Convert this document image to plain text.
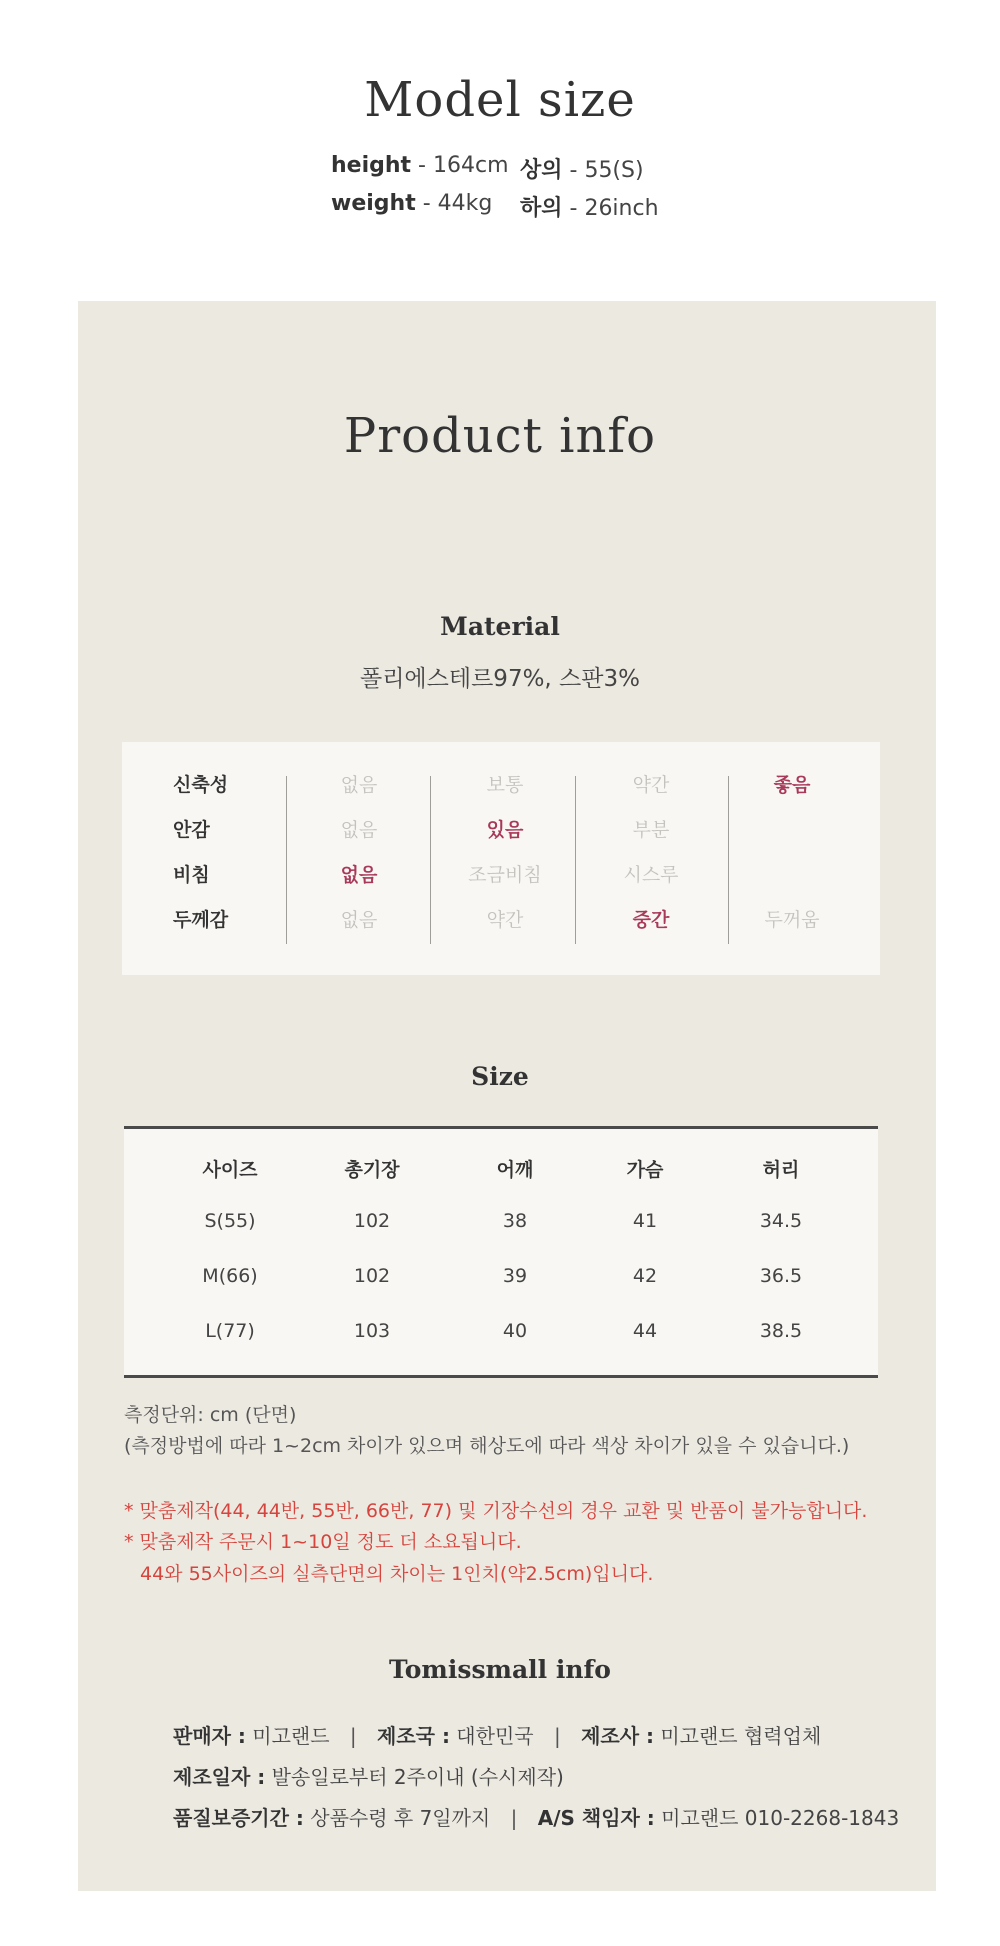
Model size
height - 164cm
weight - 44kg
상의 - 55(S)
하의 - 26inch
Product info
Material
폴리에스테르97%, 스판3%
신축성	없음	보통	약간	좋음
안감	없음	있음	부분
비침	없음	조금비침	시스루
두께감	없음	약간	중간	두꺼움
Size
사이즈	총기장	어깨	가슴	허리
S(55)	102	38	41	34.5
M(66)	102	39	42	36.5
L(77)	103	40	44	38.5
측정단위: cm (단면)
(측정방법에 따라 1~2cm 차이가 있으며 해상도에 따라 색상 차이가 있을 수 있습니다.)
* 맞춤제작(44, 44반, 55반, 66반, 77) 및 기장수선의 경우 교환 및 반품이 불가능합니다.
* 맞춤제작 주문시 1~10일 정도 더 소요됩니다.
44와 55사이즈의 실측단면의 차이는 1인치(약2.5cm)입니다.
Tomissmall info
판매자 : 미고랜드 | 제조국 : 대한민국 | 제조사 : 미고랜드 협력업체
제조일자 : 발송일로부터 2주이내 (수시제작)
품질보증기간 : 상품수령 후 7일까지 | A/S 책임자 : 미고랜드 010-2268-1843
